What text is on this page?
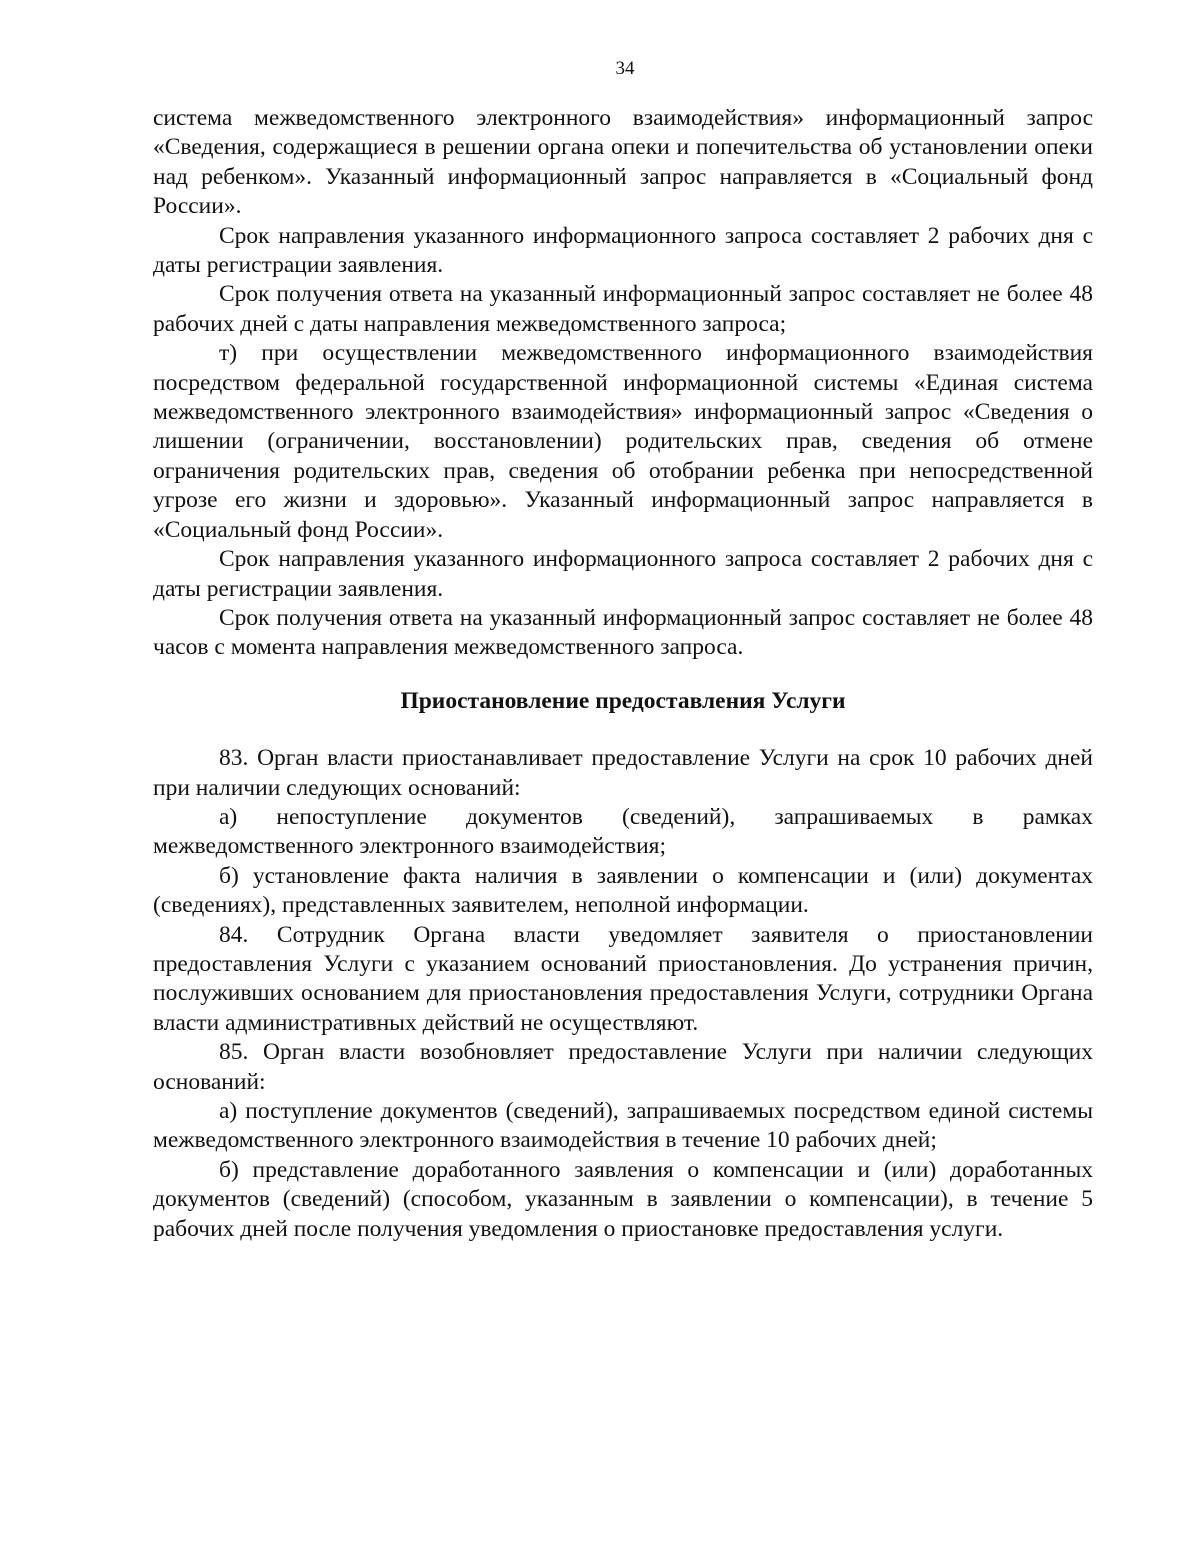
34

система межведомственного электронного взаимодействия» информационный запрос «Сведения, содержащиеся в решении органа опеки и попечительства об установлении опеки над ребенком». Указанный информационный запрос направляется в «Социальный фонд России».

Срок направления указанного информационного запроса составляет 2 рабочих дня с даты регистрации заявления.

Срок получения ответа на указанный информационный запрос составляет не более 48 рабочих дней с даты направления межведомственного запроса;

т) при осуществлении межведомственного информационного взаимодействия посредством федеральной государственной информационной системы «Единая система межведомственного электронного взаимодействия» информационный запрос «Сведения о лишении (ограничении, восстановлении) родительских прав, сведения об отмене ограничения родительских прав, сведения об отобрании ребенка при непосредственной угрозе его жизни и здоровью». Указанный информационный запрос направляется в «Социальный фонд России».

Срок направления указанного информационного запроса составляет 2 рабочих дня с даты регистрации заявления.

Срок получения ответа на указанный информационный запрос составляет не более 48 часов с момента направления межведомственного запроса.

Приостановление предоставления Услуги

83. Орган власти приостанавливает предоставление Услуги на срок 10 рабочих дней при наличии следующих оснований:

а) непоступление документов (сведений), запрашиваемых в рамках межведомственного электронного взаимодействия;

б) установление факта наличия в заявлении о компенсации и (или) документах (сведениях), представленных заявителем, неполной информации.

84. Сотрудник Органа власти уведомляет заявителя о приостановлении предоставления Услуги с указанием оснований приостановления. До устранения причин, послуживших основанием для приостановления предоставления Услуги, сотрудники Органа власти административных действий не осуществляют.

85. Орган власти возобновляет предоставление Услуги при наличии следующих оснований:

а) поступление документов (сведений), запрашиваемых посредством единой системы межведомственного электронного взаимодействия в течение 10 рабочих дней;

б) представление доработанного заявления о компенсации и (или) доработанных документов (сведений) (способом, указанным в заявлении о компенсации), в течение 5 рабочих дней после получения уведомления о приостановке предоставления услуги.
